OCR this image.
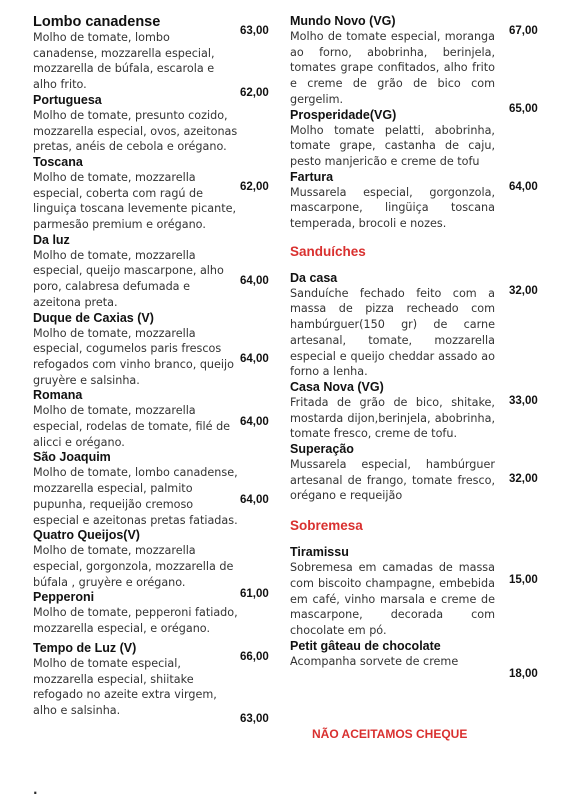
Lombo canadense

Molho de tomate, lombo canadense, mozzarella especial, mozzarella de búfala, escarola e alho frito.

Portuguesa

Molho de tomate, presunto cozido, mozzarella especial, ovos, azeitonas pretas, anéis de cebola e orégano.

Toscana

Molho de tomate, mozzarella especial, coberta com ragú de linguiça toscana levemente picante, parmesão premium e orégano.

Da luz

Molho de tomate, mozzarella especial, queijo mascarpone, alho poro, calabresa defumada e azeitona preta.

Duque de Caxias (V)

Molho de tomate, mozzarella especial, cogumelos paris frescos refogados com vinho branco, queijo gruyère e salsinha.

Romana

Molho de tomate, mozzarella especial, rodelas de tomate, filé de alicci e orégano.

São Joaquim

Molho de tomate, lombo canadense, mozzarella especial, palmito pupunha, requeijão cremoso especial e azeitonas pretas fatiadas.

Quatro Queijos(V)

Molho de tomate, mozzarella especial, gorgonzola, mozzarella de búfala , gruyère e orégano.

Pepperoni

Molho de tomate, pepperoni fatiado, mozzarella especial, e orégano.

Tempo de Luz (V)

Molho de tomate especial, mozzarella especial, shiitake refogado no azeite extra virgem, alho e salsinha.

63,00
62,00
62,00
64,00
64,00
64,00
64,00
61,00
66,00
63,00

Mundo Novo (VG)

Molho de tomate especial, moranga ao forno, abobrinha, berinjela, tomates grape confitados, alho frito e creme de grão de bico com gergelim.

Prosperidade(VG)

Molho tomate pelatti, abobrinha, tomate grape, castanha de caju, pesto manjericão e creme de tofu

Fartura

Mussarela especial, gorgonzola, mascarpone, lingüiça toscana temperada, brocoli e nozes.

Sanduíches

Da casa

Sanduíche fechado feito com a massa de pizza recheado com hambúrguer(150 gr) de carne artesanal, tomate, mozzarella especial e queijo cheddar assado ao forno a lenha.

Casa Nova (VG)

Fritada de grão de bico, shitake, mostarda dijon,berinjela, abobrinha, tomate fresco, creme de tofu.

Superação

Mussarela especial, hambúrguer artesanal de frango, tomate fresco, orégano e requeijão

Sobremesa

Tiramissu

Sobremesa em camadas de massa com biscoito champagne, embebida em café, vinho marsala e creme de mascarpone, decorada com chocolate em pó.

Petit gâteau de chocolate

Acompanha sorvete de creme

67,00
65,00
64,00
32,00
33,00
32,00
15,00
18,00
NÃO ACEITAMOS CHEQUE
.
